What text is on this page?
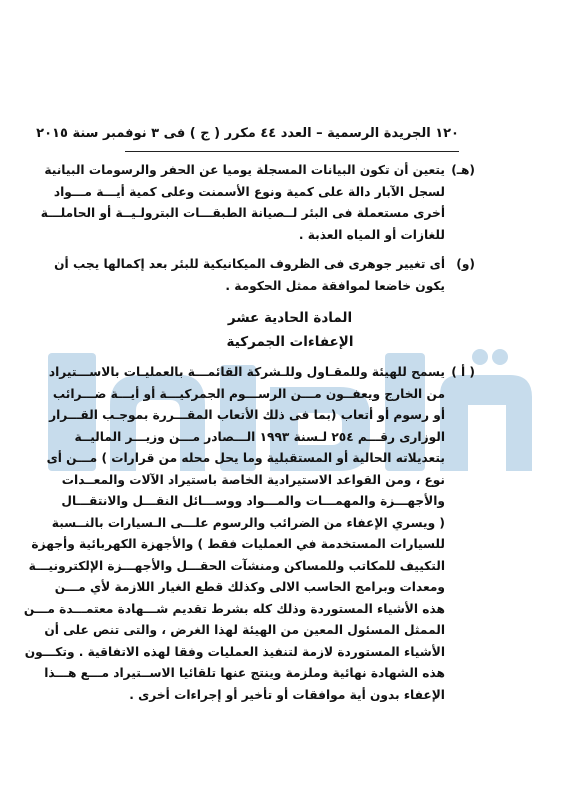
١٢٠ الجريدة الرسمية – العدد ٤٤ مكرر ( ج ) فى ٣ نوفمبر سنة ٢٠١٥
(هـ)
يتعين أن تكون البيانات المسجلة يوميا عن الحفر والرسومات البيانية
لسجل الآبار دالة على كمية ونوع الأسمنت وعلى كمية أيـــة مـــواد
أخرى مستعملة فى البئر لــصيانة الطبقـــات البترولـيــة أو الحاملـــة
للغازات أو المياه العذبة .
(و)
أى تغيير جوهرى فى الظروف الميكانيكية للبئر بعد إكمالها يجب أن
يكون خاضعا لموافقة ممثل الحكومة .

المادة الحادية عشر

الإعفاءات الجمركية

( أ )
يسمح للهيئة وللمقـاول وللـشركة القائمـــة بالعمليـات بالاســـتيراد
من الخارج ويعفــون مـــن الرســـوم الجمركيـــة أو أيـــة ضـــرائب
أو رسوم أو أتعاب (بما فى ذلك الأتعاب المقـــررة بموجـب القـــرار
الوزارى رقـــم ٢٥٤ لـسنة ١٩٩٣ الـــصادر مـــن وزيـــر الماليــة
بتعديلاته الحالية أو المستقبلية وما يحل محله من قرارات ) مـــن أى
نوع ، ومن القواعد الاستيرادية الخاصة باستيراد الآلات والمعــدات
والأجهـــزة والمهمـــات والمـــواد ووســـائل النقـــل والانتقـــال
( ويسري الإعفاء من الضرائب والرسوم علـــى الـسيارات بالنــسبة
للسيارات المستخدمة في العمليات فقط ) والأجهزة الكهربائية وأجهزة
التكييف للمكاتب وللمساكن ومنشآت الحقـــل والأجهـــزة الإلكترونيـــة
ومعدات وبرامج الحاسب الالى وكذلك قطع الغيار اللازمة لأي مـــن
هذه الأشياء المستوردة وذلك كله بشرط تقديم شـــهادة معتمـــدة مـــن
الممثل المسئول المعين من الهيئة لهذا الغرض ، والتى تنص على أن
الأشياء المستوردة لازمة لتنفيذ العمليات وفقا لهذه الاتفاقية . وتكـــون
هذه الشهادة نهائية وملزمة وينتج عنها تلقائيا الاســتيراد مـــع هـــذا
الإعفاء بدون أية موافقات أو تأخير أو إجراءات أخرى .
